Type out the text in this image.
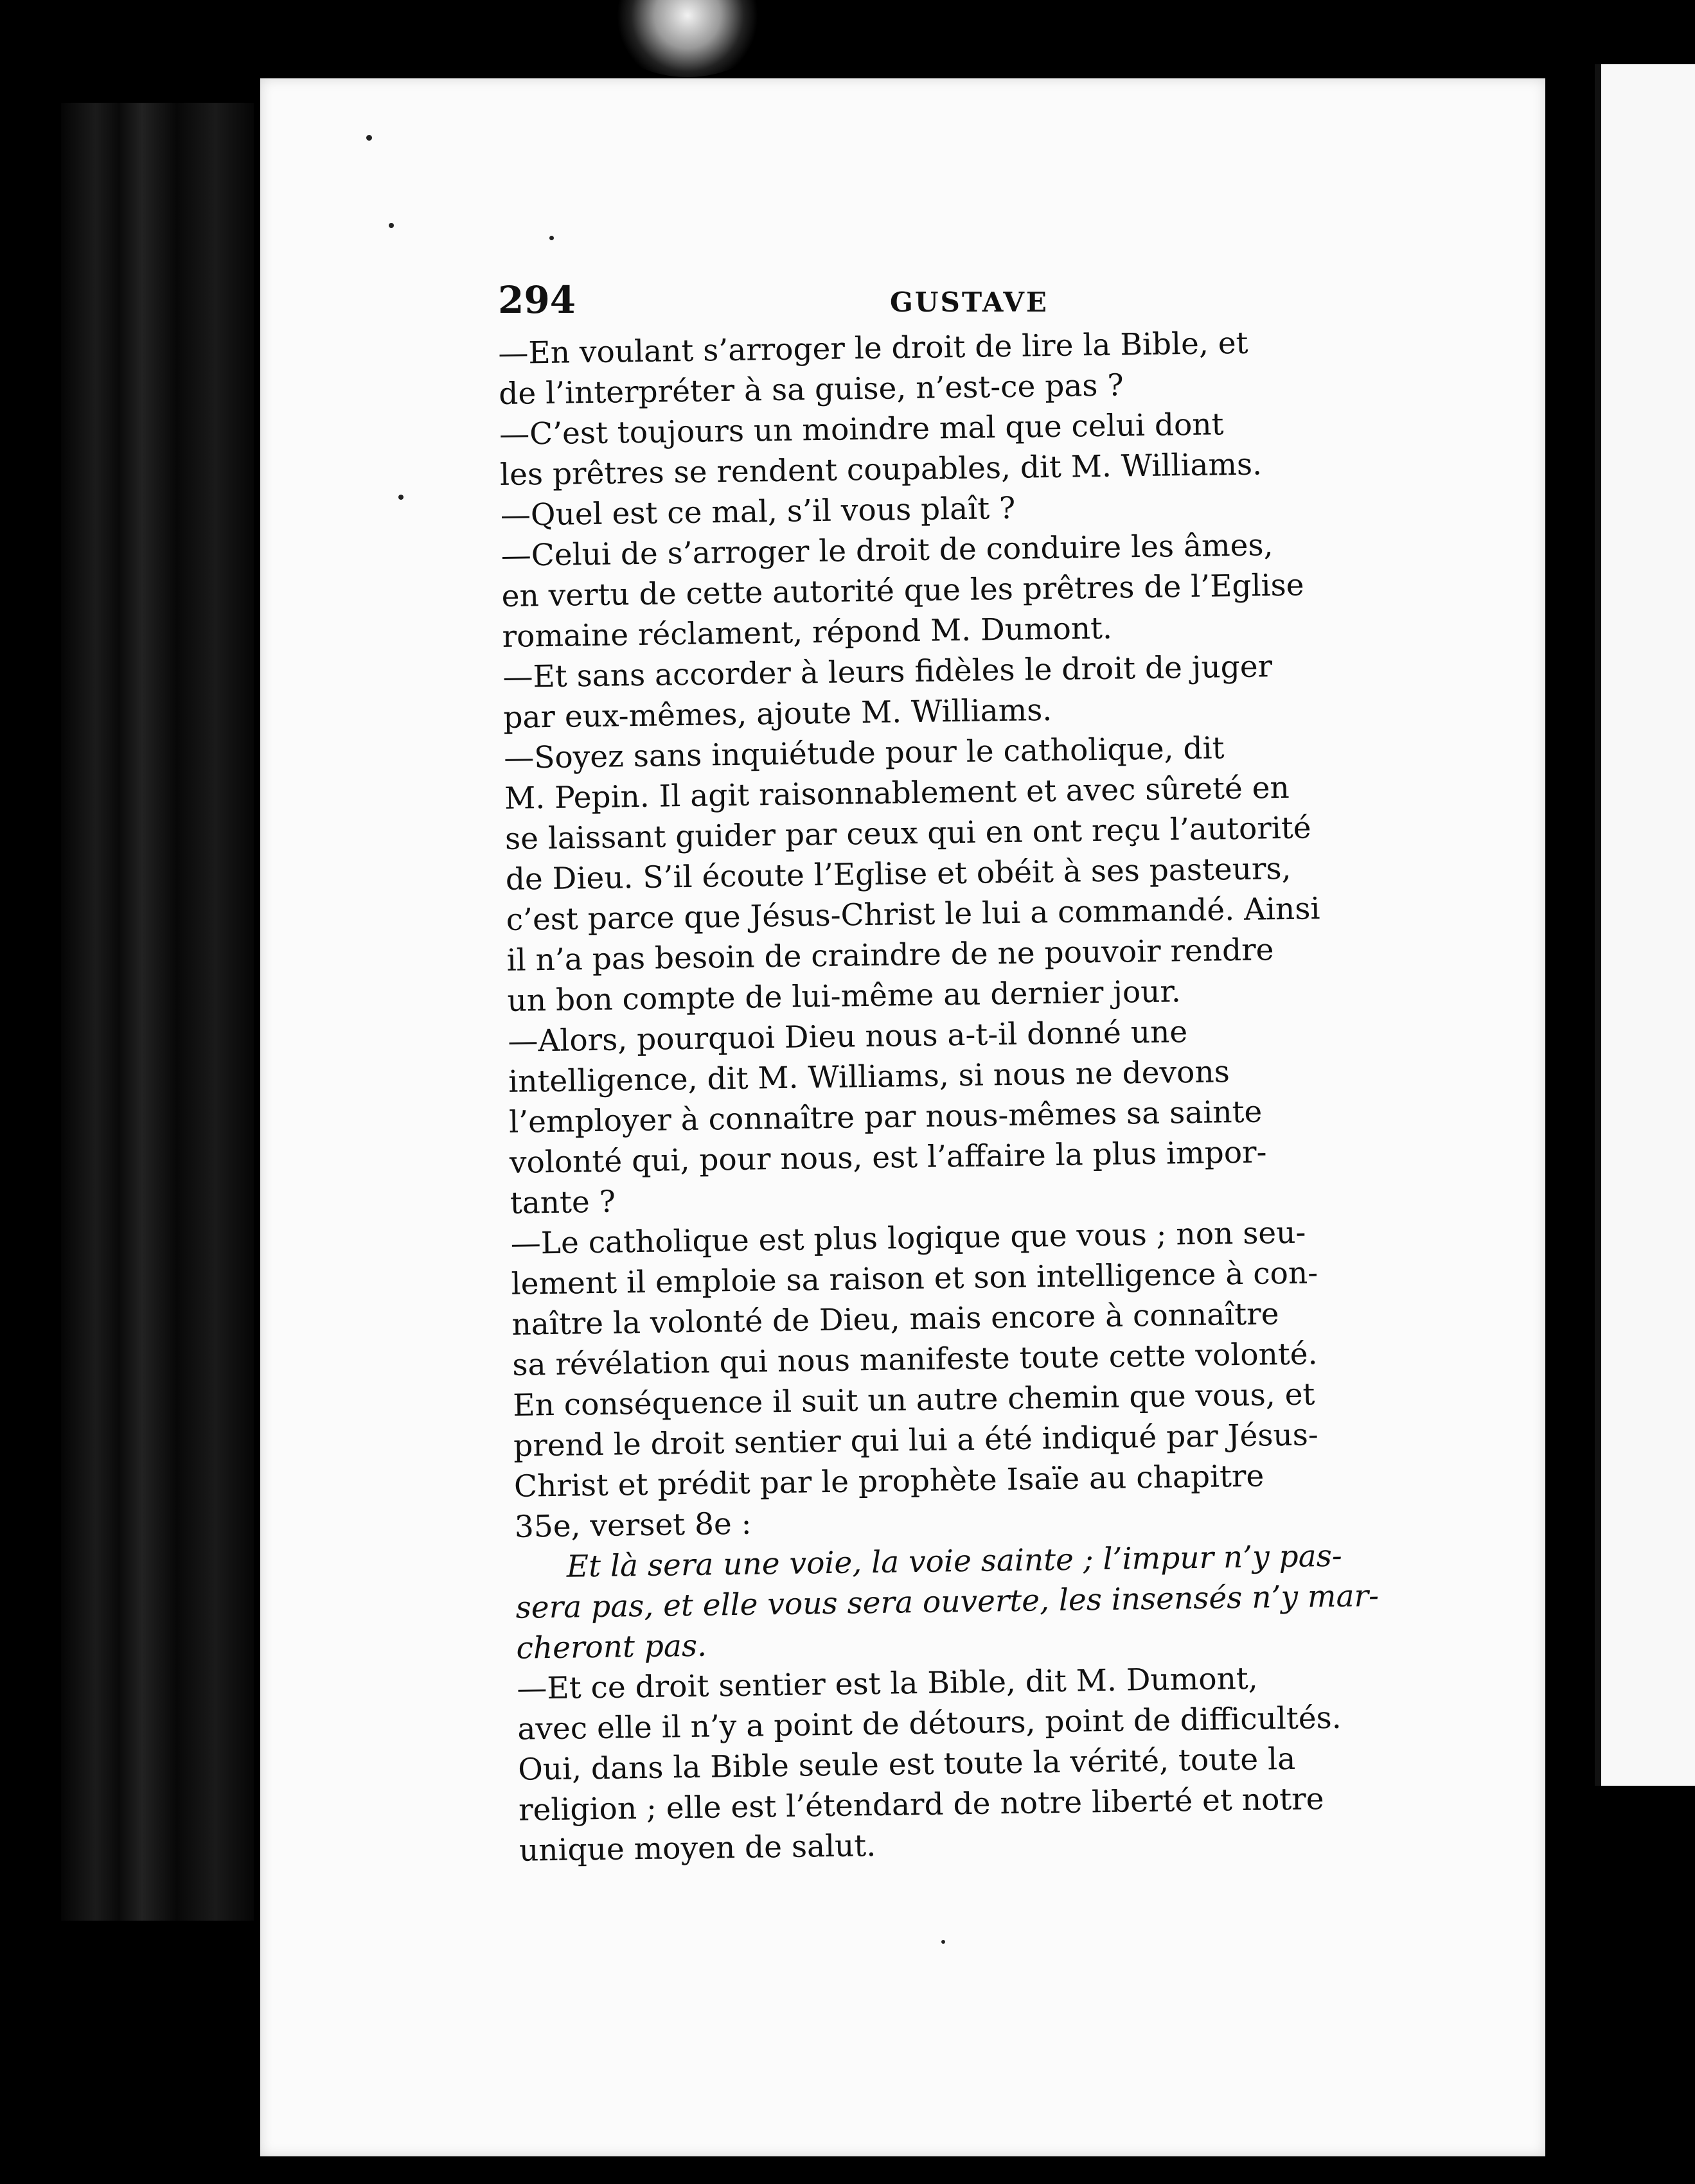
294	GUSTAVE
—En voulant s’arroger le droit de lire la Bible, et
de l’interpréter à sa guise, n’est-ce pas ?
—C’est toujours un moindre mal que celui dont
les prêtres se rendent coupables, dit M. Williams.
—Quel est ce mal, s’il vous plaît ?
—Celui de s’arroger le droit de conduire les âmes,
en vertu de cette autorité que les prêtres de l’Eglise
romaine réclament, répond M. Dumont.
—Et sans accorder à leurs fidèles le droit de juger
par eux-mêmes, ajoute M. Williams.
—Soyez sans inquiétude pour le catholique, dit
M. Pepin. Il agit raisonnablement et avec sûreté en
se laissant guider par ceux qui en ont reçu l’autorité
de Dieu. S’il écoute l’Eglise et obéit à ses pasteurs,
c’est parce que Jésus-Christ le lui a commandé. Ainsi
il n’a pas besoin de craindre de ne pouvoir rendre
un bon compte de lui-même au dernier jour.
—Alors, pourquoi Dieu nous a-t-il donné une
intelligence, dit M. Williams, si nous ne devons
l’employer à connaître par nous-mêmes sa sainte
volonté qui, pour nous, est l’affaire la plus impor-
tante ?
—Le catholique est plus logique que vous ; non seu-
lement il emploie sa raison et son intelligence à con-
naître la volonté de Dieu, mais encore à connaître
sa révélation qui nous manifeste toute cette volonté.
En conséquence il suit un autre chemin que vous, et
prend le droit sentier qui lui a été indiqué par Jésus-
Christ et prédit par le prophète Isaïe au chapitre
35e, verset 8e :
Et là sera une voie, la voie sainte ; l’impur n’y pas-
sera pas, et elle vous sera ouverte, les insensés n’y mar-
cheront pas.
—Et ce droit sentier est la Bible, dit M. Dumont,
avec elle il n’y a point de détours, point de difficultés.
Oui, dans la Bible seule est toute la vérité, toute la
religion ; elle est l’étendard de notre liberté et notre
unique moyen de salut.
